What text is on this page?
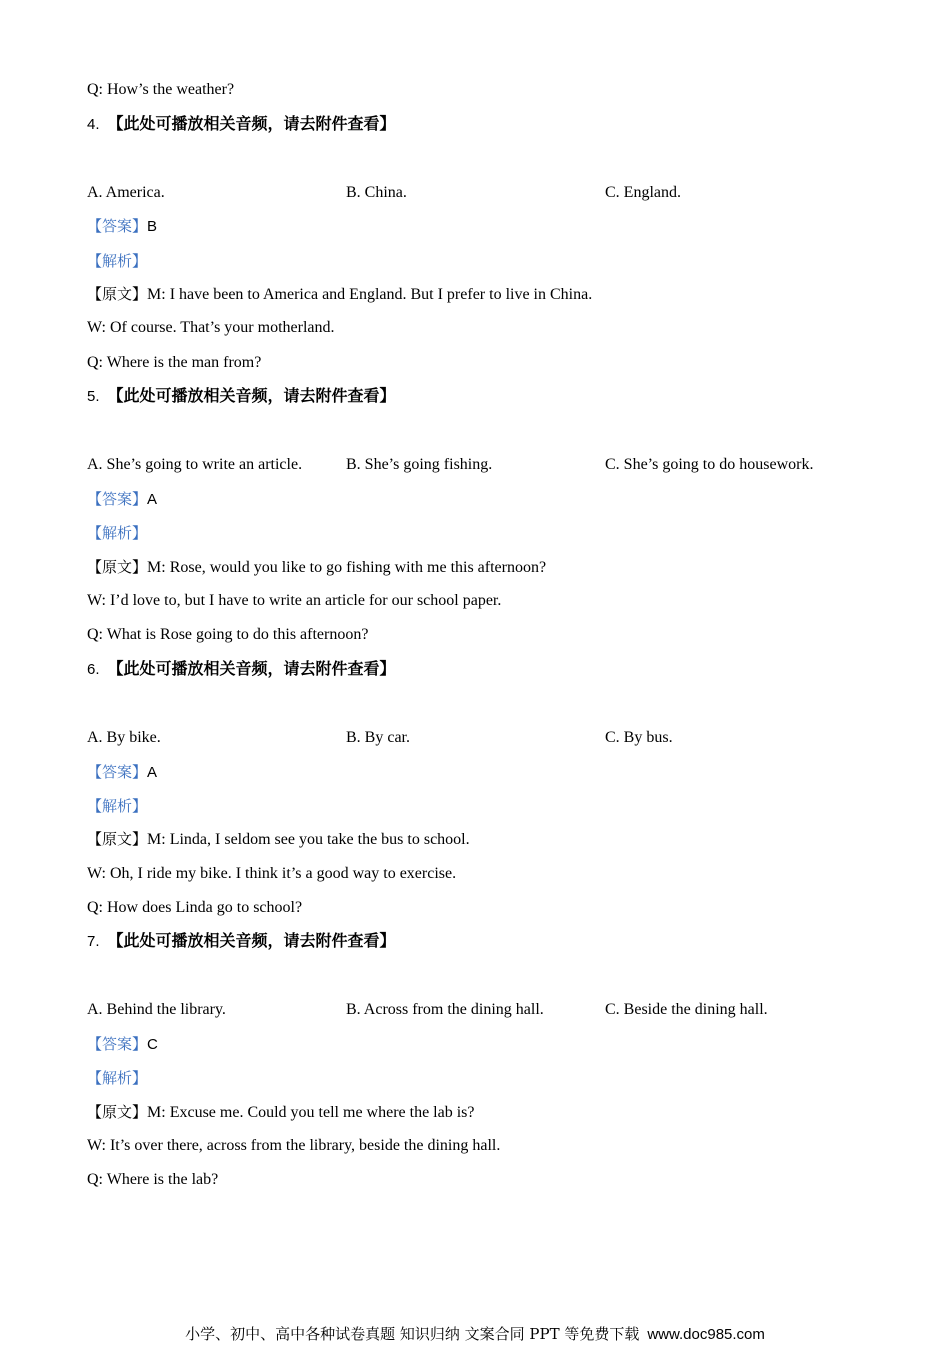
Q: How’s the weather?
4. 【此处可播放相关音频，请去附件查看】
A. America.	B. China.	C. England.
【答案】B
【解析】
【原文】M: I have been to America and England. But I prefer to live in China.
W: Of course. That’s your motherland.
Q: Where is the man from?
5. 【此处可播放相关音频，请去附件查看】
A. She’s going to write an article.	B. She’s going fishing.	C. She’s going to do housework.
【答案】A
【解析】
【原文】M: Rose, would you like to go fishing with me this afternoon?
W: I’d love to, but I have to write an article for our school paper.
Q: What is Rose going to do this afternoon?
6. 【此处可播放相关音频，请去附件查看】
A. By bike.	B. By car.	C. By bus.
【答案】A
【解析】
【原文】M: Linda, I seldom see you take the bus to school.
W: Oh, I ride my bike. I think it’s a good way to exercise.
Q: How does Linda go to school?
7. 【此处可播放相关音频，请去附件查看】
A. Behind the library.	B. Across from the dining hall.	C. Beside the dining hall.
【答案】C
【解析】
【原文】M: Excuse me. Could you tell me where the lab is?
W: It’s over there, across from the library, beside the dining hall.
Q: Where is the lab?
小学、初中、高中各种试卷真题 知识归纳 文案合同 PPT 等免费下载 www.doc985.com
